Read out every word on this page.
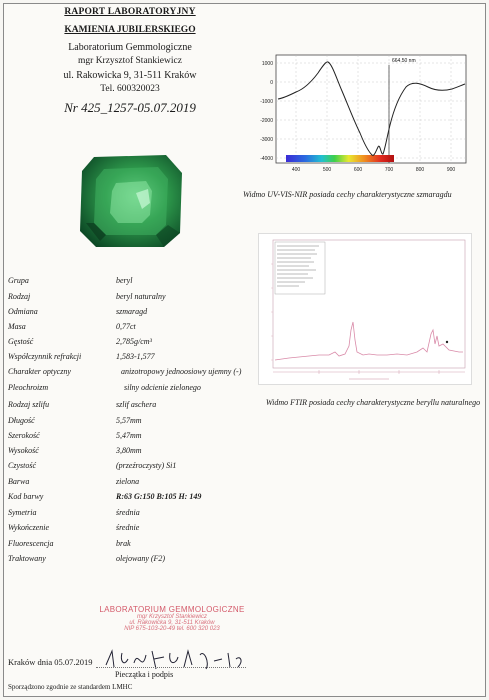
RAPORT LABORATORYJNY
KAMIENIA JUBILERSKIEGO
Laboratorium Gemmologiczne
mgr Krzysztof Stankiewicz
ul. Rakowicka 9, 31-511 Kraków
Tel. 600320023
Nr 425_1257-05.07.2019
664.50 nm
1000
0
-1000
-2000
-3000
-4000
400	500	600	700	800	900
Widmo UV-VIS-NIR posiada cechy charakterystyczne szmaragdu
Widmo FTIR posiada cechy charakterystyczne beryllu naturalnego
Grupa	beryl
Rodzaj	beryl naturalny
Odmiana	szmaragd
Masa	0,77ct
Gęstość	2,785g/cm³
Współczynnik refrakcji	1,583-1,577
Charakter optyczny	anizotropowy jednoosiowy ujemny (-)
Pleochroizm	silny odcienie zielonego
Rodzaj szlifu	szlif aschera
Długość	5,57mm
Szerokość	5,47mm
Wysokość	3,80mm
Czystość	(przeźroczysty) Si1
Barwa	zielona
Kod barwy	R:63 G:150 B:105 H: 149
Symetria	średnia
Wykończenie	średnie
Fluorescencja	brak
Traktowany	olejowany (F2)
LABORATORIUM GEMMOLOGICZNE
mgr Krzysztof Stankiewicz
ul. Rakowicka 9, 31-511 Kraków
NIP 675-103-20-49 tel. 600 320 023
Kraków dnia 05.07.2019
Pieczątka i podpis
Sporządzono zgodnie ze standardem LMHC
